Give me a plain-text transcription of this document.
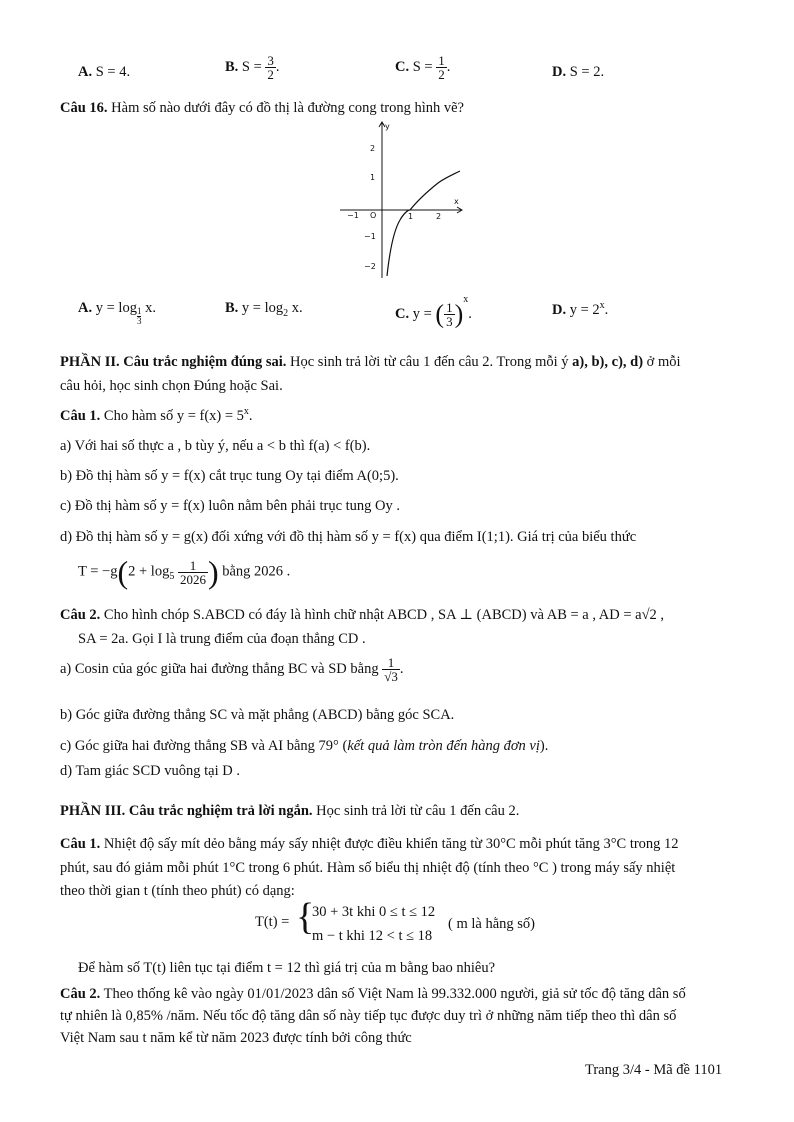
A. S = 4.	B. $S = \frac{3}{2}$ .	C. $S = \frac{1}{2}$ .	D. S = 2.
Câu 16. Hàm số nào dưới đây có đồ thị là đường cong trong hình vẽ?
y
x
O
−1	1	2
2
1
−1
−2
A. $y = \log \frac{1}{3} x$.	B. $y = \log_2 x$.	C. y = ( $\frac{1}{3} )^x$.	D. $y = 2^x$.
PHẦN II. Câu trắc nghiệm đúng sai. Học sinh trả lời từ câu 1 đến câu 2. Trong mỗi ý a), b), c), d) ở mỗi
câu hỏi, học sinh chọn Đúng hoặc Sai.
Câu 1. Cho hàm số $y = f(x) = 5^x$.
a) Với hai số thực a , b tùy ý, nếu a < b thì f(a) < f(b).
b) Đồ thị hàm số y = f(x) cắt trục tung Oy tại điểm A(0;5).
c) Đồ thị hàm số y = f(x) luôn nằm bên phải trục tung Oy .
d) Đồ thị hàm số y = g(x) đối xứng với đồ thị hàm số y = f(x) qua điểm I(1;1). Giá trị của biểu thức
$T = -g(2 + \log_5 \frac{1}{2026}$ ) bằng 2026 .
Câu 2. Cho hình chóp S.ABCD có đáy là hình chữ nhật ABCD , SA ⊥ (ABCD) và AB = a , AD = a√2 ,
SA = 2a. Gọi I là trung điểm của đoạn thẳng CD .
a) Cosin của góc giữa hai đường thẳng BC và SD bằng $\frac{1}{√3}$ .
b) Góc giữa đường thẳng SC và mặt phẳng (ABCD) bằng góc SCA.
c) Góc giữa hai đường thẳng SB và AI bằng 79° (kết quả làm tròn đến hàng đơn vị).
d) Tam giác SCD vuông tại D .
PHẦN III. Câu trắc nghiệm trả lời ngắn. Học sinh trả lời từ câu 1 đến câu 2.
Câu 1. Nhiệt độ sấy mít dẻo bằng máy sấy nhiệt được điều khiển tăng từ 30°C mỗi phút tăng 3°C trong 12
phút, sau đó giảm mỗi phút 1°C trong 6 phút. Hàm số biểu thị nhiệt độ (tính theo °C ) trong máy sấy nhiệt
theo thời gian t (tính theo phút) có dạng:
T(t) = {
30 + 3t khi 0 ≤ t ≤ 12
m − t khi 12 < t ≤ 18
( m là hằng số)
Để hàm số T(t) liên tục tại điểm t = 12 thì giá trị của m bằng bao nhiêu?
Câu 2. Theo thống kê vào ngày 01/01/2023 dân số Việt Nam là 99.332.000 người, giả sử tốc độ tăng dân số
tự nhiên là 0,85% /năm. Nếu tốc độ tăng dân số này tiếp tục được duy trì ở những năm tiếp theo thì dân số
Việt Nam sau t năm kể từ năm 2023 được tính bởi công thức
Trang 3/4 - Mã đề 1101
